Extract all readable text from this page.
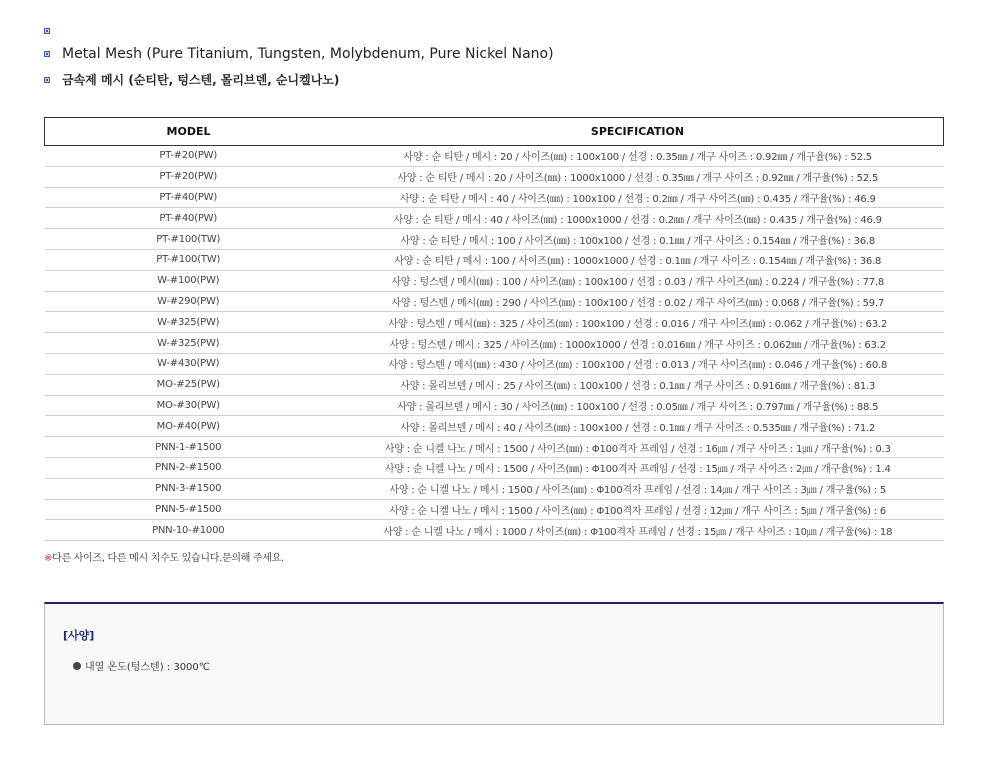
Metal Mesh (Pure Titanium, Tungsten, Molybdenum, Pure Nickel Nano)
금속제 메시 (순티탄, 텅스텐, 몰리브덴, 순니켈나노)
MODEL	SPECIFICATION
PT-#20(PW)	사양 : 순 티탄 / 메시 : 20 / 사이즈(㎜) : 100x100 / 선경 : 0.35㎜ / 개구 사이즈 : 0.92㎜ / 개구율(%) : 52.5
PT-#20(PW)	사양 : 순 티탄 / 메시 : 20 / 사이즈(㎜) : 1000x1000 / 선경 : 0.35㎜ / 개구 사이즈 : 0.92㎜ / 개구율(%) : 52.5
PT-#40(PW)	사양 : 순 티탄 / 메시 : 40 / 사이즈(㎜) : 100x100 / 선경 : 0.2㎜ / 개구 사이즈(㎜) : 0.435 / 개구율(%) : 46.9
PT-#40(PW)	사양 : 순 티탄 / 메시 : 40 / 사이즈(㎜) : 1000x1000 / 선경 : 0.2㎜ / 개구 사이즈(㎜) : 0.435 / 개구율(%) : 46.9
PT-#100(TW)	사양 : 순 티탄 / 메시 : 100 / 사이즈(㎜) : 100x100 / 선경 : 0.1㎜ / 개구 사이즈 : 0.154㎜ / 개구율(%) : 36.8
PT-#100(TW)	사양 : 순 티탄 / 메시 : 100 / 사이즈(㎜) : 1000x1000 / 선경 : 0.1㎜ / 개구 사이즈 : 0.154㎜ / 개구율(%) : 36.8
W-#100(PW)	사양 : 텅스텐 / 메시(㎜) : 100 / 사이즈(㎜) : 100x100 / 선경 : 0.03 / 개구 사이즈(㎜) : 0.224 / 개구율(%) : 77.8
W-#290(PW)	사양 : 텅스텐 / 메시(㎜) : 290 / 사이즈(㎜) : 100x100 / 선경 : 0.02 / 개구 사이즈(㎜) : 0.068 / 개구율(%) : 59.7
W-#325(PW)	사양 : 텅스텐 / 메시(㎜) : 325 / 사이즈(㎜) : 100x100 / 선경 : 0.016 / 개구 사이즈(㎜) : 0.062 / 개구율(%) : 63.2
W-#325(PW)	사양 : 텅스텐 / 메시 : 325 / 사이즈(㎜) : 1000x1000 / 선경 : 0.016㎜ / 개구 사이즈 : 0.062㎜ / 개구율(%) : 63.2
W-#430(PW)	사양 : 텅스텐 / 메시(㎜) : 430 / 사이즈(㎜) : 100x100 / 선경 : 0.013 / 개구 사이즈(㎜) : 0.046 / 개구율(%) : 60.8
MO-#25(PW)	사양 : 몰리브덴 / 메시 : 25 / 사이즈(㎜) : 100x100 / 선경 : 0.1㎜ / 개구 사이즈 : 0.916㎜ / 개구율(%) : 81.3
MO-#30(PW)	사양 : 몰리브덴 / 메시 : 30 / 사이즈(㎜) : 100x100 / 선경 : 0.05㎜ / 개구 사이즈 : 0.797㎜ / 개구율(%) : 88.5
MO-#40(PW)	사양 : 몰리브덴 / 메시 : 40 / 사이즈(㎜) : 100x100 / 선경 : 0.1㎜ / 개구 사이즈 : 0.535㎜ / 개구율(%) : 71.2
PNN-1-#1500	사양 : 순 니켈 나노 / 메시 : 1500 / 사이즈(㎜) : Φ100격자 프레임 / 선경 : 16㎛ / 개구 사이즈 : 1㎛ / 개구율(%) : 0.3
PNN-2-#1500	사양 : 순 니켈 나노 / 메시 : 1500 / 사이즈(㎜) : Φ100격자 프레임 / 선경 : 15㎛ / 개구 사이즈 : 2㎛ / 개구율(%) : 1.4
PNN-3-#1500	사양 : 순 니켈 나노 / 메시 : 1500 / 사이즈(㎜) : Φ100격자 프레임 / 선경 : 14㎛ / 개구 사이즈 : 3㎛ / 개구율(%) : 5
PNN-5-#1500	사양 : 순 니켈 나노 / 메시 : 1500 / 사이즈(㎜) : Φ100격자 프레임 / 선경 : 12㎛ / 개구 사이즈 : 5㎛ / 개구율(%) : 6
PNN-10-#1000	사양 : 순 니켈 나노 / 메시 : 1000 / 사이즈(㎜) : Φ100격자 프레임 / 선경 : 15㎛ / 개구 사이즈 : 10㎛ / 개구율(%) : 18
※다른 사이즈, 다른 메시 치수도 있습니다.문의해 주세요.
[사양]
내열 온도(텅스텐) : 3000℃
